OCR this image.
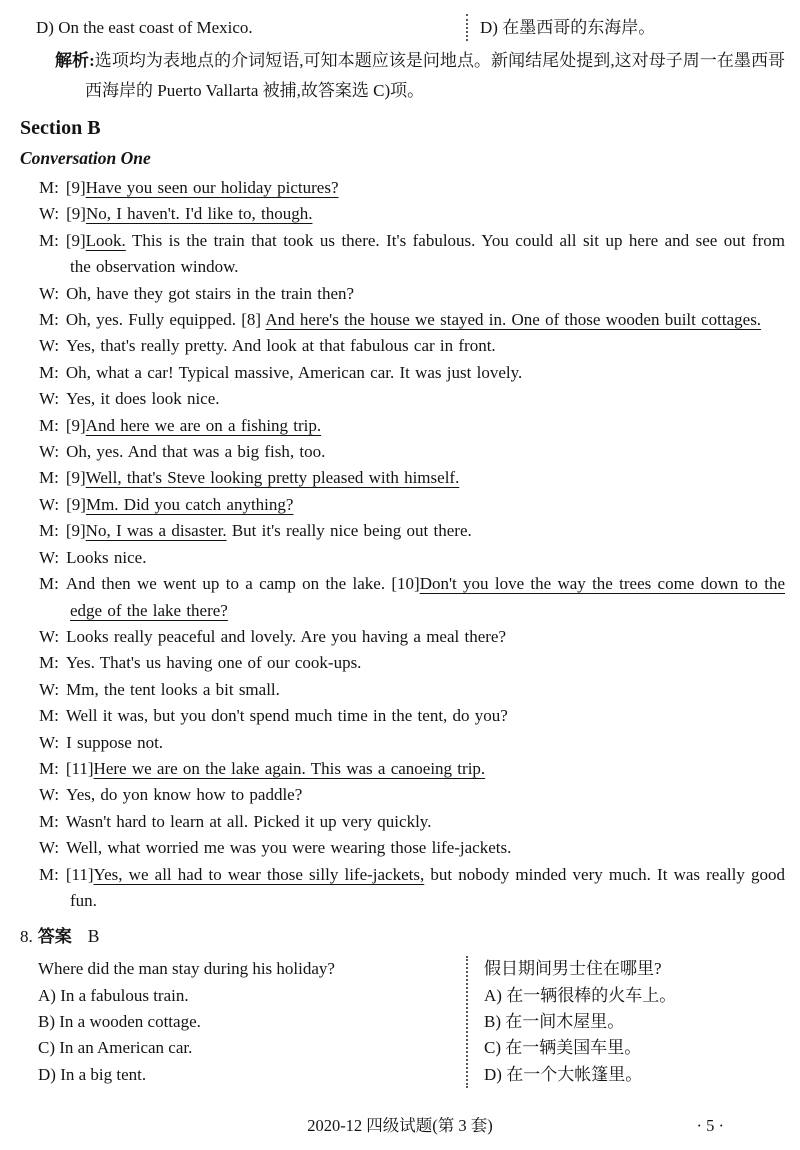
D) On the east coast of Mexico.	D) 在墨西哥的东海岸。

解析:选项均为表地点的介词短语,可知本题应该是问地点。新闻结尾处提到,这对母子周一在墨西哥西海岸的 Puerto Vallarta 被捕,故答案选 C)项。

Section B
Conversation One

M: [9]Have you seen our holiday pictures?

W: [9]No, I haven't. I'd like to, though.

M: [9]Look. This is the train that took us there. It's fabulous. You could all sit up here and see out from the observation window.

W: Oh, have they got stairs in the train then?

M: Oh, yes. Fully equipped. [8] And here's the house we stayed in. One of those wooden built cottages.

W: Yes, that's really pretty. And look at that fabulous car in front.

M: Oh, what a car! Typical massive, American car. It was just lovely.

W: Yes, it does look nice.

M: [9]And here we are on a fishing trip.

W: Oh, yes. And that was a big fish, too.

M: [9]Well, that's Steve looking pretty pleased with himself.

W: [9]Mm. Did you catch anything?

M: [9]No, I was a disaster. But it's really nice being out there.

W: Looks nice.

M: And then we went up to a camp on the lake. [10]Don't you love the way the trees come down to the edge of the lake there?

W: Looks really peaceful and lovely. Are you having a meal there?

M: Yes. That's us having one of our cook-ups.

W: Mm, the tent looks a bit small.

M: Well it was, but you don't spend much time in the tent, do you?

W: I suppose not.

M: [11]Here we are on the lake again. This was a canoeing trip.

W: Yes, do yon know how to paddle?

M: Wasn't hard to learn at all. Picked it up very quickly.

W: Well, what worried me was you were wearing those life-jackets.

M: [11]Yes, we all had to wear those silly life-jackets, but nobody minded very much. It was really good fun.

8. 答案 B

Where did the man stay during his holiday?

A) In a fabulous train.

B) In a wooden cottage.

C) In an American car.

D) In a big tent.

假日期间男士住在哪里?

A) 在一辆很棒的火车上。

B) 在一间木屋里。

C) 在一辆美国车里。

D) 在一个大帐篷里。

2020-12 四级试题(第 3 套)	· 5 ·
